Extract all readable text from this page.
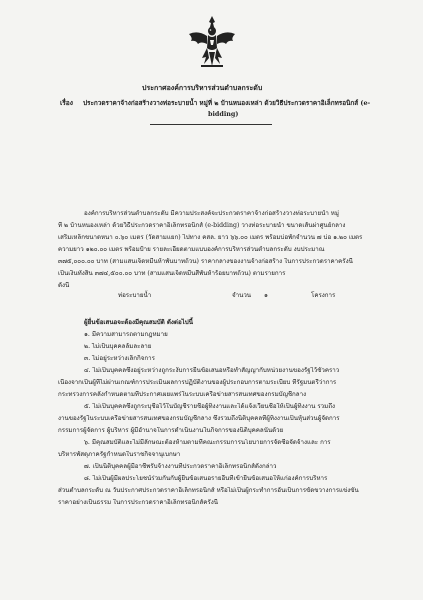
ประกาศองค์การบริหารส่วนตำบลกระดับ
เรื่อง ประกวดราคาจ้างก่อสร้างวางท่อระบายน้ำ หมู่ที่ ๒ บ้านหนองเหล่า ด้วยวิธีประกวดราคาอิเล็กทรอนิกส์ (e-
bidding)
องค์การบริหารส่วนตำบลกระดับ มีความประสงค์จะประกวดราคาจ้างก่อสร้างวางท่อระบายน้ำ หมู่
ที่ ๒ บ้านหนองเหล่า ด้วยวิธีประกวดราคาอิเล็กทรอนิกส์ (e-bidding) วางท่อระบายน้ำ ขนาดเส้นผ่าศูนย์กลาง
เสริมเหล็กขนาดหนา ๐.๖๐ เมตร (วัดสามแยก) ไปทาง คสล. ยาว ๖๖.๐๐ เมตร พร้อมบ่อพักจำนวน ๗ บ่อ ๑.๒๐ เมตร
ความยาว ๑๒๐.๐๐ เมตร พร้อมป้าย รายละเอียดตามแบบองค์การบริหารส่วนตำบลกระดับ งบประมาณ
๓๗๕,๐๐๐.๐๐ บาท (สามแสนเจ็ดหมื่นห้าพันบาทถ้วน) ราคากลางของงานจ้างก่อสร้าง ในการประกวดราคาครั้งนี้
เป็นเงินทั้งสิ้น ๓๗๔,๕๐๐.๐๐ บาท (สามแสนเจ็ดหมื่นสี่พันห้าร้อยบาทถ้วน) ตามรายการ
ดังนี้
ท่อระบายน้ำ	จำนวน ๑	โครงการ
ผู้ยื่นข้อเสนอจะต้องมีคุณสมบัติ ดังต่อไปนี้
๑. มีความสามารถตามกฎหมาย
๒. ไม่เป็นบุคคลล้มละลาย
๓. ไม่อยู่ระหว่างเลิกกิจการ
๔. ไม่เป็นบุคคลซึ่งอยู่ระหว่างถูกระงับการยื่นข้อเสนอหรือทำสัญญากับหน่วยงานของรัฐไว้ชั่วคราว
เนื่องจากเป็นผู้ที่ไม่ผ่านเกณฑ์การประเมินผลการปฏิบัติงานของผู้ประกอบการตามระเบียบ ที่รัฐมนตรีว่าการ
กระทรวงการคลังกำหนดตามที่ประกาศเผยแพร่ในระบบเครือข่ายสารสนเทศของกรมบัญชีกลาง
๕. ไม่เป็นบุคคลซึ่งถูกระบุชื่อไว้ในบัญชีรายชื่อผู้ทิ้งงานและได้แจ้งเวียนชื่อให้เป็นผู้ทิ้งงาน รวมถึง
งานของรัฐในระบบเครือข่ายสารสนเทศของกรมบัญชีกลาง ซึ่งรวมถึงนิติบุคคลที่ผู้ทิ้งงานเป็นหุ้นส่วนผู้จัดการ
กรรมการผู้จัดการ ผู้บริหาร ผู้มีอำนาจในการดำเนินงานในกิจการของนิติบุคคลนั้นด้วย
๖. มีคุณสมบัติและไม่มีลักษณะต้องห้ามตามที่คณะกรรมการนโยบายการจัดซื้อจัดจ้างและ การ
บริหารพัสดุภาครัฐกำหนดในราชกิจจานุเบกษา
๗. เป็นนิติบุคคลผู้มีอาชีพรับจ้างงานที่ประกวดราคาอิเล็กทรอนิกส์ดังกล่าว
๘. ไม่เป็นผู้มีผลประโยชน์ร่วมกันกับผู้ยื่นข้อเสนอรายอื่นที่เข้ายื่นข้อเสนอให้แก่องค์การบริหาร
ส่วนตำบลกระดับ ณ วันประกาศประกวดราคาอิเล็กทรอนิกส์ หรือไม่เป็นผู้กระทำการอันเป็นการขัดขวางการแข่งขัน
ราคาอย่างเป็นธรรม ในการประกวดราคาอิเล็กทรอนิกส์ครั้งนี้
